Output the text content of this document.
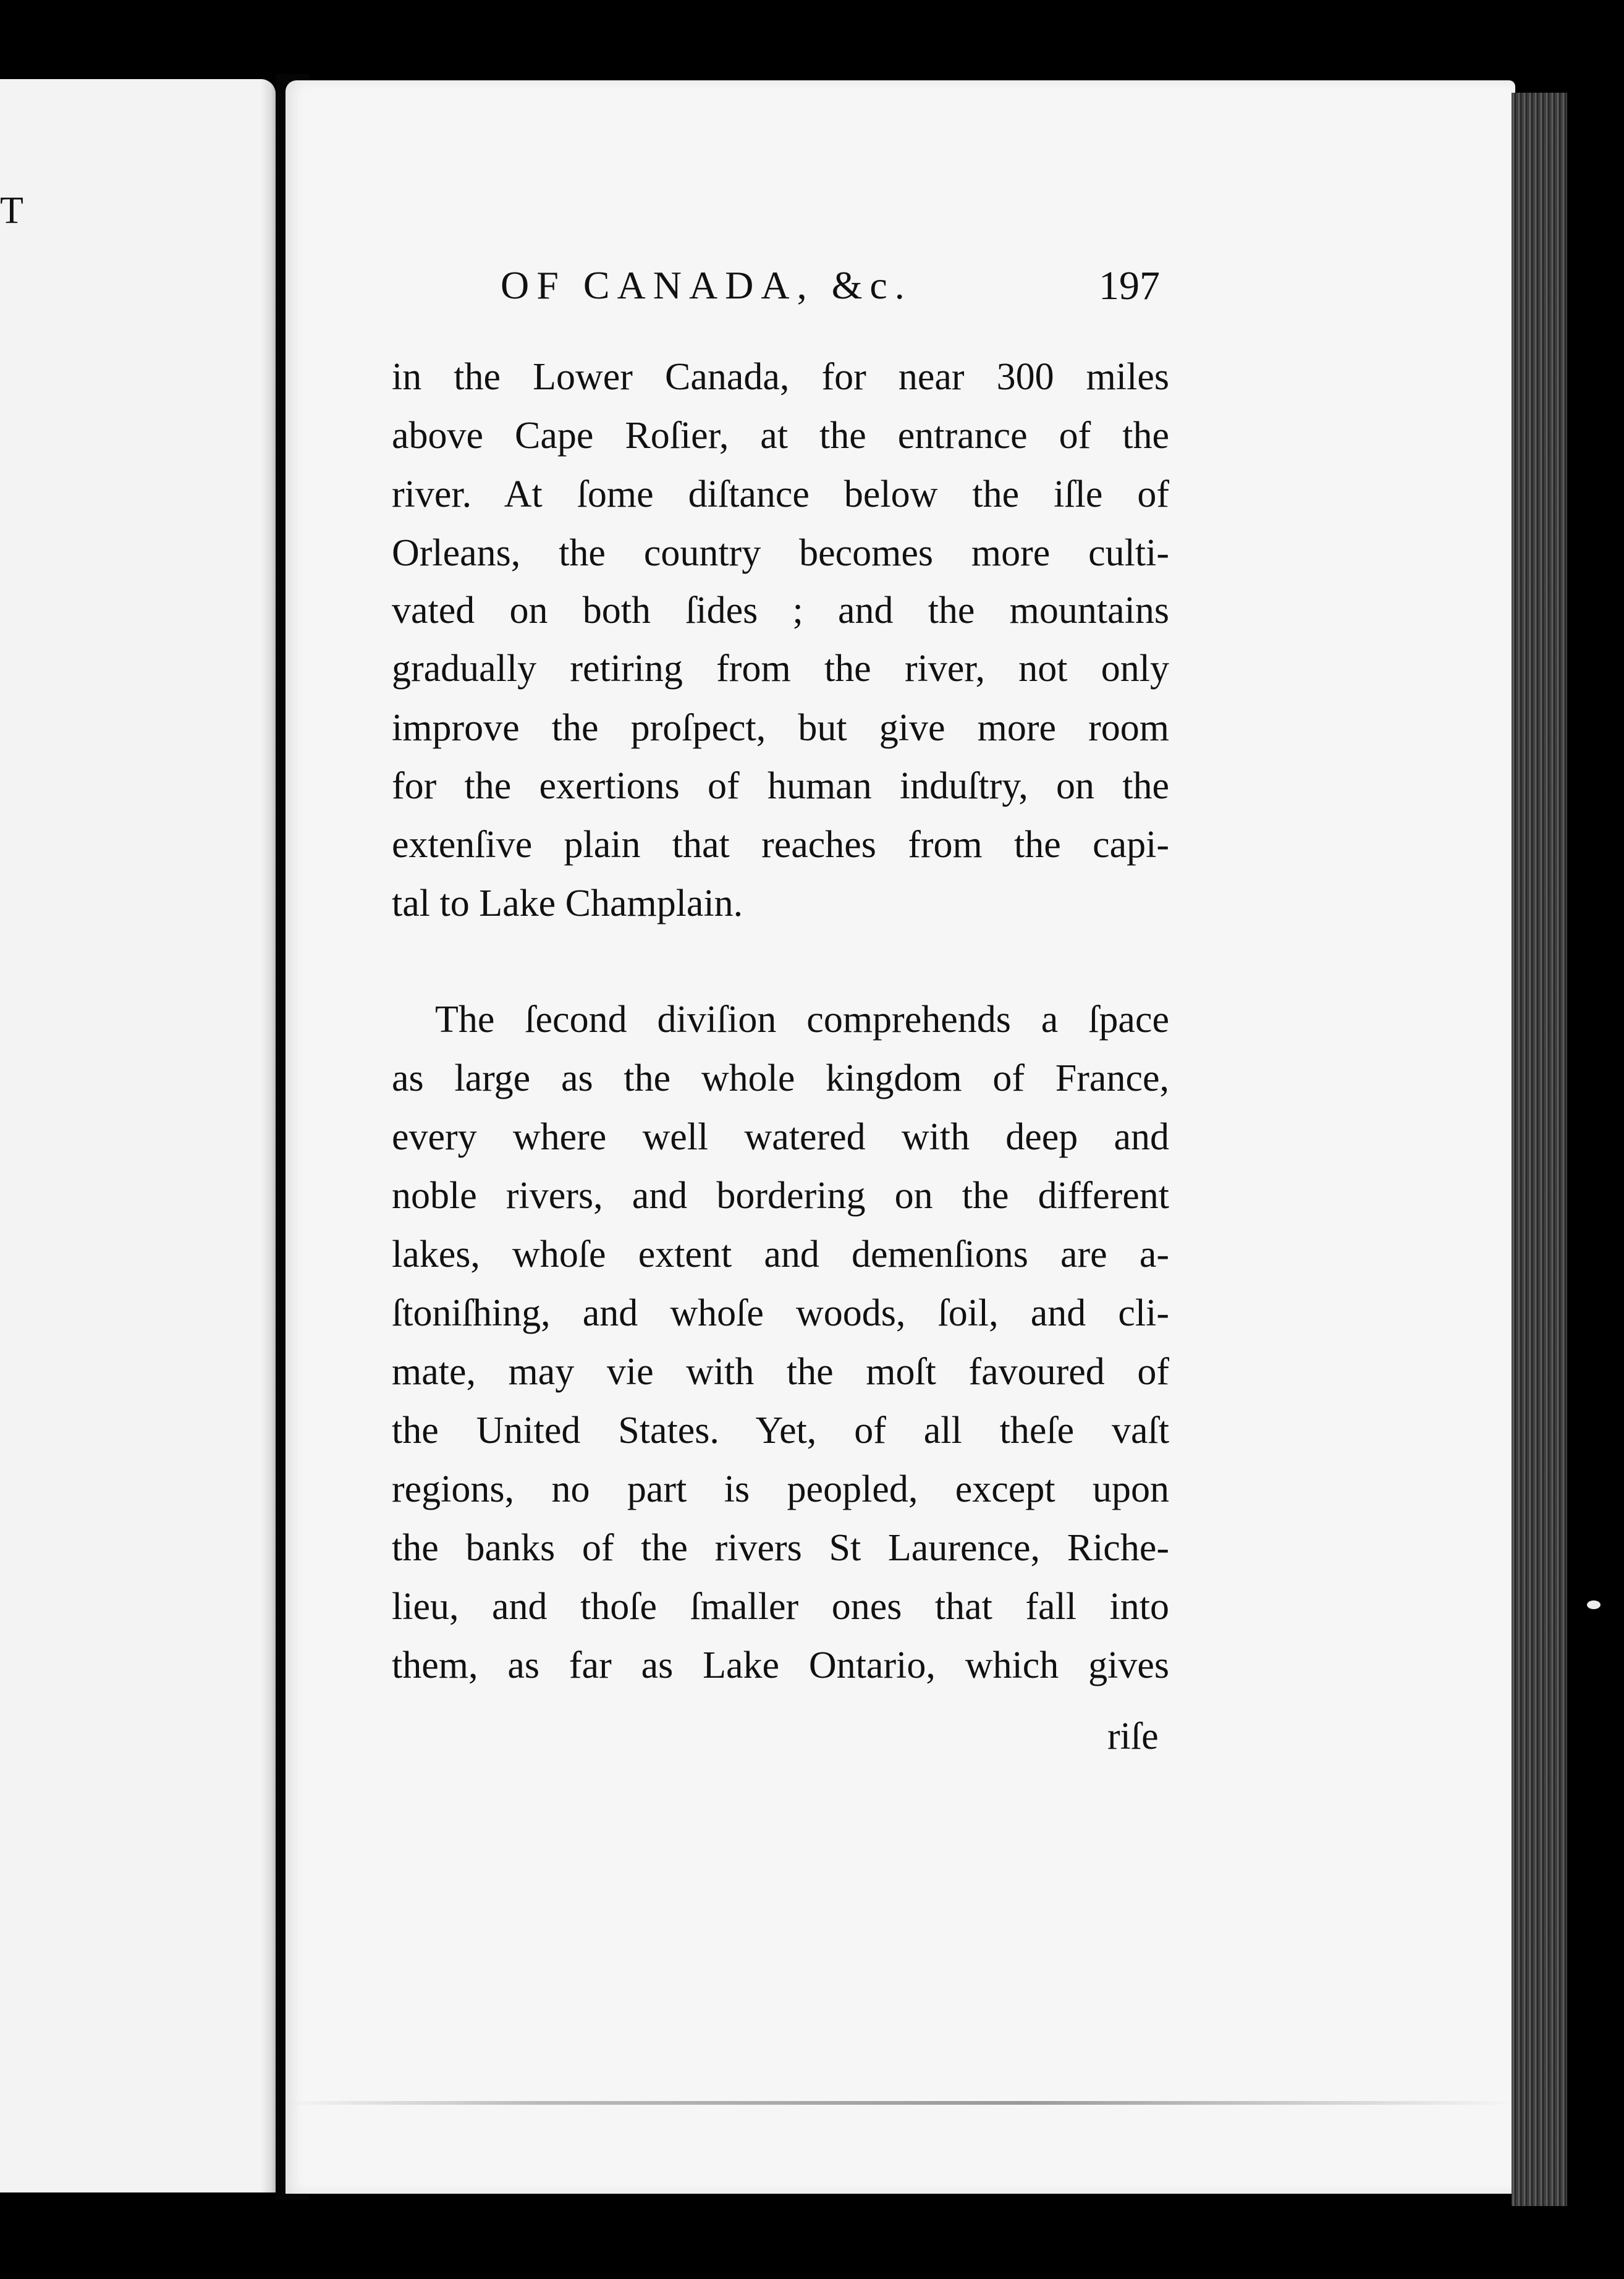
T
OF CANADA, &c.	197
in the Lower Canada, for near 300 miles
above Cape Roſier, at the entrance of the
river. At ſome diſtance below the iſle of
Orleans, the country becomes more culti-
vated on both ſides ; and the mountains
gradually retiring from the river, not only
improve the proſpect, but give more room
for the exertions of human induſtry, on the
extenſive plain that reaches from the capi-
tal to Lake Champlain.
The ſecond diviſion comprehends a ſpace
as large as the whole kingdom of France,
every where well watered with deep and
noble rivers, and bordering on the different
lakes, whoſe extent and demenſions are a-
ſtoniſhing, and whoſe woods, ſoil, and cli-
mate, may vie with the moſt favoured of
the United States. Yet, of all theſe vaſt
regions, no part is peopled, except upon
the banks of the rivers St Laurence, Riche-
lieu, and thoſe ſmaller ones that fall into
them, as far as Lake Ontario, which gives
riſe
